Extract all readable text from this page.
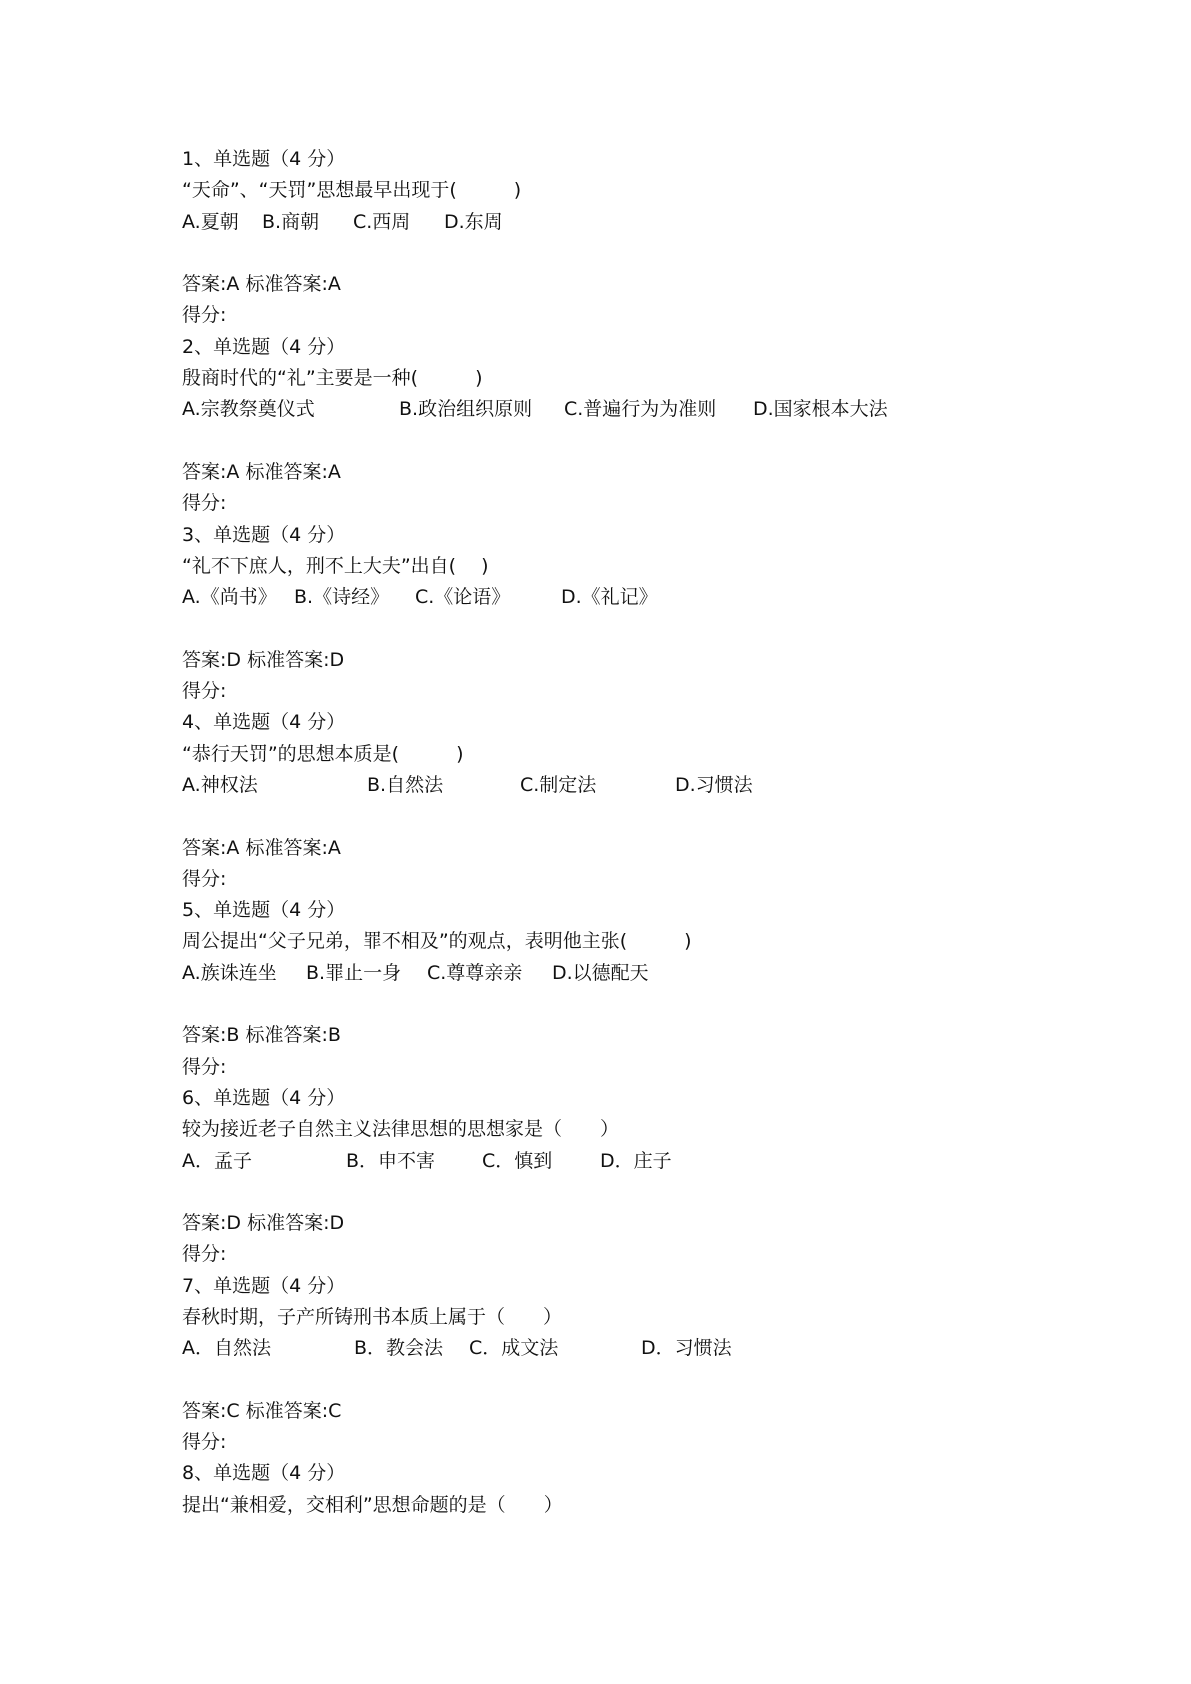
1、单选题（4 分）
“天命”、“天罚”思想最早出现于(　　　)

A.夏朝

B.商朝

C.西周

D.东周

答案:A 标准答案:A
得分:
2、单选题（4 分）
殷商时代的“礼”主要是一种(　　　)

A.宗教祭奠仪式

	B.政治组织原则

C.普遍行为为准则

D.国家根本大法

答案:A 标准答案:A
得分:
3、单选题（4 分）
“礼不下庶人，刑不上大夫”出自(　 )

A.《尚书》

B.《诗经》

C.《论语》

	D.《礼记》

答案:D 标准答案:D
得分:
4、单选题（4 分）
“恭行天罚”的思想本质是(　　　)

A.神权法

	B.自然法

	C.制定法

	D.习惯法

答案:A 标准答案:A
得分:
5、单选题（4 分）
周公提出“父子兄弟，罪不相及”的观点，表明他主张(　　　)

A.族诛连坐

B.罪止一身

C.尊尊亲亲

D.以德配天

答案:B 标准答案:B
得分:
6、单选题（4 分）
较为接近老子自然主义法律思想的思想家是（　　）

A．孟子

	B．申不害

C．慎到

	D．庄子

答案:D 标准答案:D
得分:
7、单选题（4 分）
春秋时期，子产所铸刑书本质上属于（　　）

A．自然法

	B．教会法

C．成文法

	D．习惯法

答案:C 标准答案:C
得分:
8、单选题（4 分）
提出“兼相爱，交相利”思想命题的是（　　）
